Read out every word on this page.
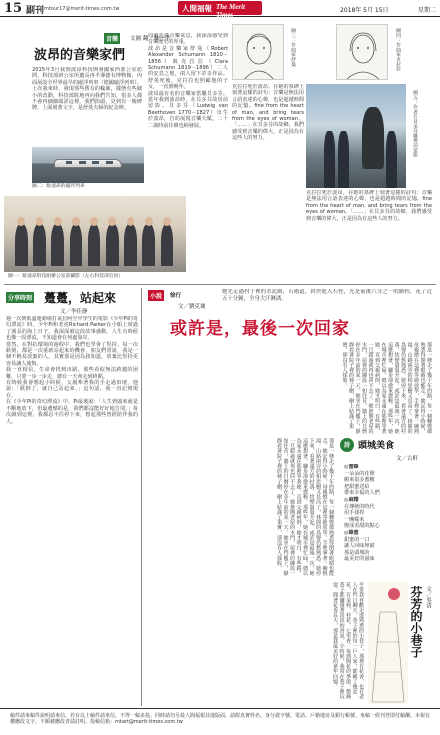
15 副刊 mtour17@merit-times.com.tw	人間福報 The Merit Times
2018年 5月 15日	星期二
音樂	文圖 翻／林一平
波昂的音樂家們

2015年3月我到波昂科技開發國家西部公室訪問，科技部研公室所邀長再半導德有博物館，內面展設全世界最早的磁浮列車（德國磁浮列車），上次我來時，發現那些舊有的輪廓，樣態有些細小的改動，科技部駐地再向我們告知，很多人都不會再細細端詳這裡。我們抬頭，見到有一塊碑牌，上面刻著文字，是舒曼夫婦的紀念碑。

圖二：駐波昂的磁浮列車

周邊流滿音樂氣息，我深深感受到音樂歷史的厚重。

波昂是音樂家舒曼（Robert Alexander Schumann 1810－1856）與克拉拉（Clara Schumann 1819－1896）二人的安息之地，兩人留下許多作品。舒曼死後，克拉拉也照顧他的子女，一直到晚年。

波昂最有名的音樂家當屬貝多芬。當年我到波昂時，在貝多芬故居前留影。貝多芬（Ludwig van Beethoven 1770－1827）出生於波昂，自幼展現音樂天賦，二十二歲時前往維也納發展。

圖一：駐波昂科技組辦公室前攝影（左右科技部官員）
圖三：作曲家舒曼	圖四：作曲家克拉拉

克拉拉死於波昂。在她的墓碑上刻著這樣的詩句：音樂是無法用言語表達的心聲，也是超越時間的記憶。fine from the heart of man, and bring tears from the eyes of woman。「……」在貝多芬的故鄉，我們感受到音樂的偉大，正是因為有這些人的努力。	圖五：作者在貝多芬雕像前留影

克拉拉死於波昂。在她的墓碑上刻著這樣的詩句：音樂是無法用言語表達的心聲，也是超越時間的記憶。fine from the heart of man, and bring tears from the eyes of woman。「……」在貝多芬的故鄉，我們感受到音樂的偉大，正是因為有這些人的努力。

分享時刻 躉躉，站起來
文／李佳靜

週一次到低溫運動場打氣拉阿空中學生的電影《少年Pi的奇幻漂流》時，少年Pi和老虎Richard Parker在小船上度過了漫長的海上日子，我深深被這段故事感動。人生有時候也像一段漂流，不知道會在何處靠岸。

當然，在對抗環境的過程中，我們也學會了堅持。每一次跌倒，都是一次重新站起來的機會。朋友們常說，我是一個不輕易放棄的人，其實那是因為我知道，放棄比堅持更容易讓人後悔。

我一直相信，生命會找到出路。那些看似無法跨越的困難，只要一步一步走，總有一天會走到終點。

有時候我會想起小時候，父親牽著我的手走過田埂，他說：「跌倒了，就自己站起來。」這句話，我一直記到現在。

在《少年Pi的奇幻漂流》中，Pi最後說：「人生到頭來就是不斷地放下，但最遺憾的是，我們都沒能好好地告別。」每次讀到這裡，我都忍不住停下來，想起那些曾經陪伴我的人。

小說	徐行
文／劉克襄

她先走過村子裡的水泥路，石階道，終於進入石徑，光是前後六分之一的路程，花了近五十分鐘，全身大汗淋漓。

或許是，最後一次回家
那是一條走了幾十年的路，每一個轉彎都熟悉得閉著眼睛也能走。她記得小時候，母親總在這裡等她放學，手裡拿著一碗熱湯。山路兩旁的相思樹又長高了，林間的鳥聲仍舊熟悉。她停下來，看著遠方的村落，炊煙裊裊升起。或許是最後一次，她這麼想著，腳步卻愈來愈輕。那些年，她在城市裡忙碌，總以為家永遠在那裡等著她。直到父親病倒，她才明白，有些路，一旦錯過就再也回不去了。她推開老屋的木門，屋裡的陳設一如往昔，牆上的日曆停在多年前的某一天。她坐在門檻上，靜靜看著院子裡的柿子樹，樹上結滿了果實，卻沒有人採收。
那是一條走了幾十年的路，每一個轉彎都熟悉得閉著眼睛也能走。她記得小時候，母親總在這裡等她放學，手裡拿著一碗熱湯。山路兩旁的相思樹又長高了，林間的鳥聲仍舊熟悉。她停下來，看著遠方的村落，炊煙裊裊升起。或許是最後一次，她這麼想著，腳步卻愈來愈輕。那些年，她在城市裡忙碌，總以為家永遠在那裡等著她。直到父親病倒，她才明白，有些路，一旦錯過就再也回不去了。她推開老屋的木門，屋裡的陳設一如往昔，牆上的日曆停在多年前的某一天。她坐在門檻上，靜靜看著院子裡的柿子樹，樹上結滿了果實，卻沒有人採收。	詩 頭城美食
文／古軒

◎蜜蜂

一朵朵的花開

搬來很多蜜糖

把甜蜜送給

帶來幸福的人們

◎麻糬

在傳統的時代

用手揉捏

一團糯米

變成香甜的點心

◎蜂蜜

甜蜜的一口

讓人回味無窮

那是頭城的

最美好的滋味

平常我喜歡走進熟悉的小巷子，那裡有花香，也有老人在門口聊天。巷子裡的每一戶人家，都種了幾盆花，有茉莉、桂花、七里香，每到開花的季節，整條巷子都瀰漫著淡淡的香氣。小時候，我常在巷子裡玩耍，聞著花香長大，那是我最美好的童年回憶。	芬芳的小巷子 文／吳清

稿件請來稿件說明請來信。若有以上稿件請來信，不得一稿多投。同時請勿另投人間福報其他版面，請附真實姓名、身分證字號、電話、戶籍地址及銀行帳號。來稿一經刊登即付稿酬。本報有權刪改文字，不願被刪改者請註明。投稿信箱：mtart@merit-times.com.tw
